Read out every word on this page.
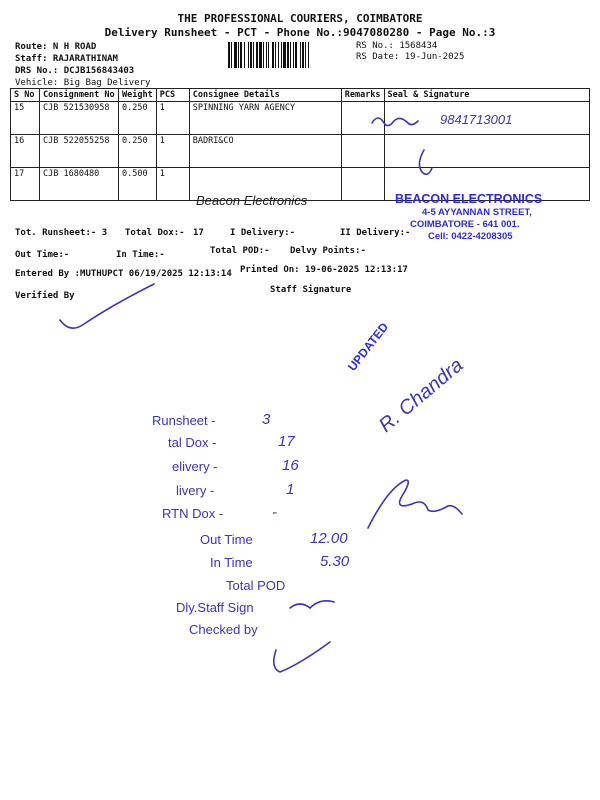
THE PROFESSIONAL COURIERS, COIMBATORE
Delivery Runsheet - PCT - Phone No.:9047080280 - Page No.:3
Route: N H ROAD
Staff: RAJARATHINAM
DRS No.: DCJB156843403
Vehicle: Big Bag Delivery
RS No.: 1568434
RS Date: 19-Jun-2025
S No	Consignment No	Weight	PCS	Consignee Details	Remarks	Seal & Signature
15	CJB 521530958	0.250	1	SPINNING YARN AGENCY		
16	CJB 522055258	0.250	1	BADRI&CO		
17	CJB 1680480	0.500	1			
Tot. Runsheet:- 3 Total Dox:- 17	I Delivery:-	II Delivery:-
Out Time:-	In Time:-	Total POD:- Delvy Points:-
Entered By :MUTHUPCT 06/19/2025 12:13:14 Printed On: 19-06-2025 12:13:17
Verified By
Staff Signature
9841713001
Beacon Electronics	BEACON ELECTRONICS
4-5 AYYANNAN STREET,
COIMBATORE - 641 001.
Cell: 0422-4208305
UPDATED
R. Chandra
Runsheet -	3
tal Dox -	17
elivery -	16
livery -	1
RTN Dox -	-
Out Time	12.00
In Time	5.30
Total POD
Dly.Staff Sign
Checked by
